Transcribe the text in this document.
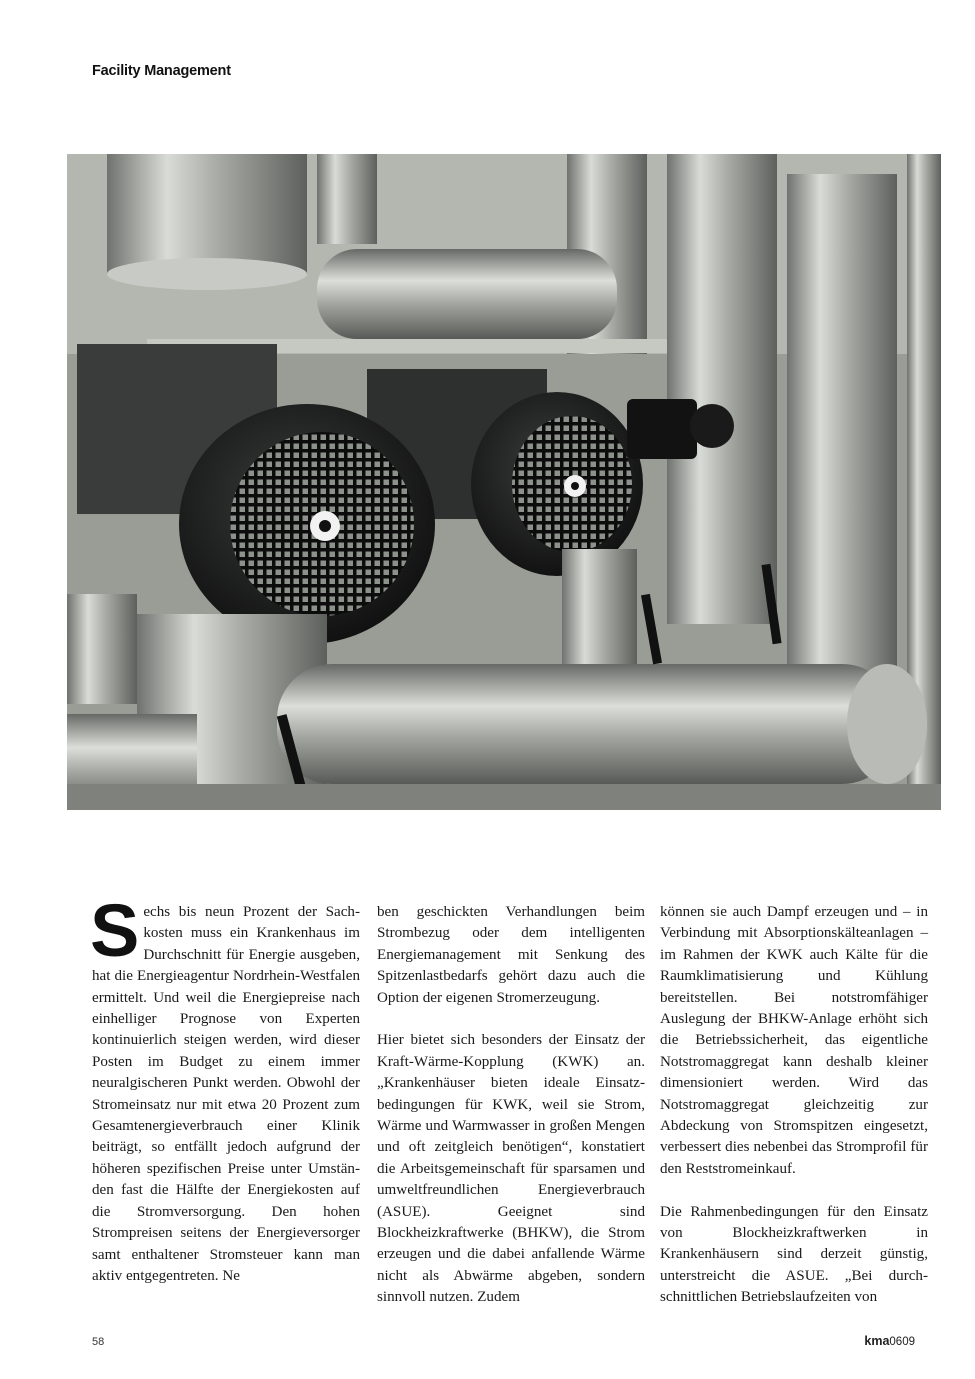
Facility Management

Sechs bis neun Prozent der Sachkosten muss ein Krankenhaus im Durchschnitt für Energie ausgeben, hat die Energieagentur Nordrhein-Westfalen ermittelt. Und weil die Energiepreise nach einhelliger Prognose von Experten kontinuierlich steigen werden, wird dieser Posten im Budget zu einem immer neuralgischeren Punkt werden. Obwohl der Stromeinsatz nur mit etwa 20 Prozent zum Gesamtenergieverbrauch einer Klinik beiträgt, so entfällt jedoch aufgrund der höheren spezifischen Preise unter Umständen fast die Hälfte der Energiekosten auf die Stromversorgung. Den hohen Strompreisen seitens der Energieversorger samt enthaltener Stromsteuer kann man aktiv entgegentreten. Ne

ben geschickten Verhandlungen beim Strombezug oder dem intelligenten Energiemanagement mit Senkung des Spitzenlastbedarfs gehört dazu auch die Option der eigenen Stromerzeugung.

Hier bietet sich besonders der Einsatz der Kraft-Wärme-Kopplung (KWK) an. „Krankenhäuser bieten ideale Einsatzbedingungen für KWK, weil sie Strom, Wärme und Warmwasser in großen Mengen und oft zeitgleich benötigen“, konstatiert die Arbeitsgemeinschaft für sparsamen und umweltfreundlichen Energieverbrauch (ASUE). Geeignet sind Blockheizkraftwerke (BHKW), die Strom erzeugen und die dabei anfallende Wärme nicht als Abwärme abgeben, sondern sinnvoll nutzen. Zudem

können sie auch Dampf erzeugen und – in Verbindung mit Absorptionskälteanlagen – im Rahmen der KWK auch Kälte für die Raumklimatisierung und Kühlung bereitstellen. Bei notstromfähiger Auslegung der BHKW-Anlage erhöht sich die Betriebssicherheit, das eigentliche Notstromaggregat kann deshalb kleiner dimensioniert werden. Wird das Notstromaggregat gleichzeitig zur Abdeckung von Stromspitzen eingesetzt, verbessert dies nebenbei das Stromprofil für den Reststromeinkauf.

Die Rahmenbedingungen für den Einsatz von Blockheizkraftwerken in Krankenhäusern sind derzeit günstig, unterstreicht die ASUE. „Bei durchschnittlichen Betriebslaufzeiten von

58	kma0609
